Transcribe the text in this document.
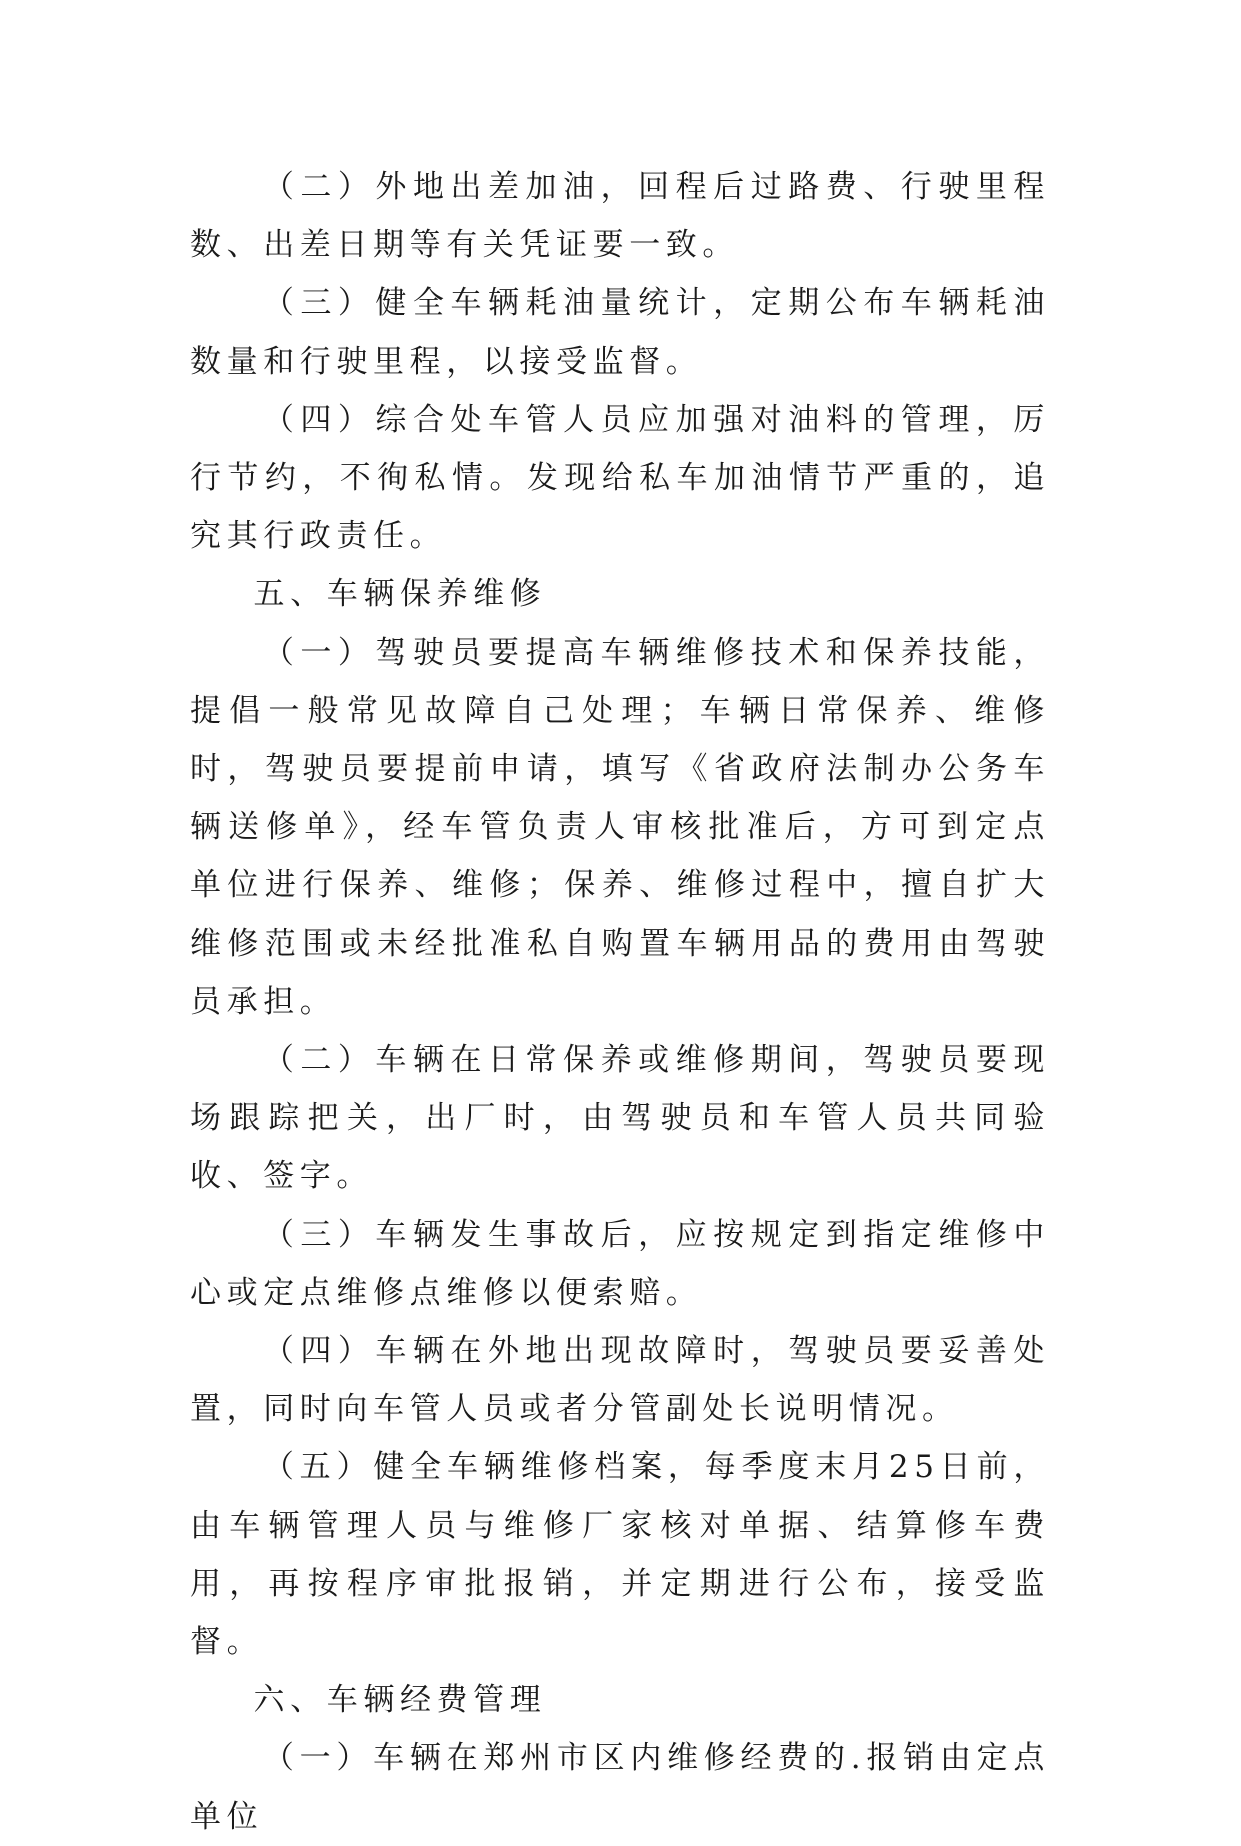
（二）外地出差加油，回程后过路费、行驶里程数、出差日期等有关凭证要一致。

（三）健全车辆耗油量统计，定期公布车辆耗油数量和行驶里程，以接受监督。

（四）综合处车管人员应加强对油料的管理，厉行节约，不徇私情。发现给私车加油情节严重的，追究其行政责任。

五、车辆保养维修

（一）驾驶员要提高车辆维修技术和保养技能，提倡一般常见故障自己处理；车辆日常保养、维修时，驾驶员要提前申请，填写《省政府法制办公务车辆送修单》，经车管负责人审核批准后，方可到定点单位进行保养、维修；保养、维修过程中，擅自扩大维修范围或未经批准私自购置车辆用品的费用由驾驶员承担。

（二）车辆在日常保养或维修期间，驾驶员要现场跟踪把关，出厂时，由驾驶员和车管人员共同验收、签字。

（三）车辆发生事故后，应按规定到指定维修中心或定点维修点维修以便索赔。

（四）车辆在外地出现故障时，驾驶员要妥善处置，同时向车管人员或者分管副处长说明情况。

（五）健全车辆维修档案，每季度末月25日前，由车辆管理人员与维修厂家核对单据、结算修车费用，再按程序审批报销，并定期进行公布，接受监督。

六、车辆经费管理

（一）车辆在郑州市区内维修经费的.报销由定点单位
